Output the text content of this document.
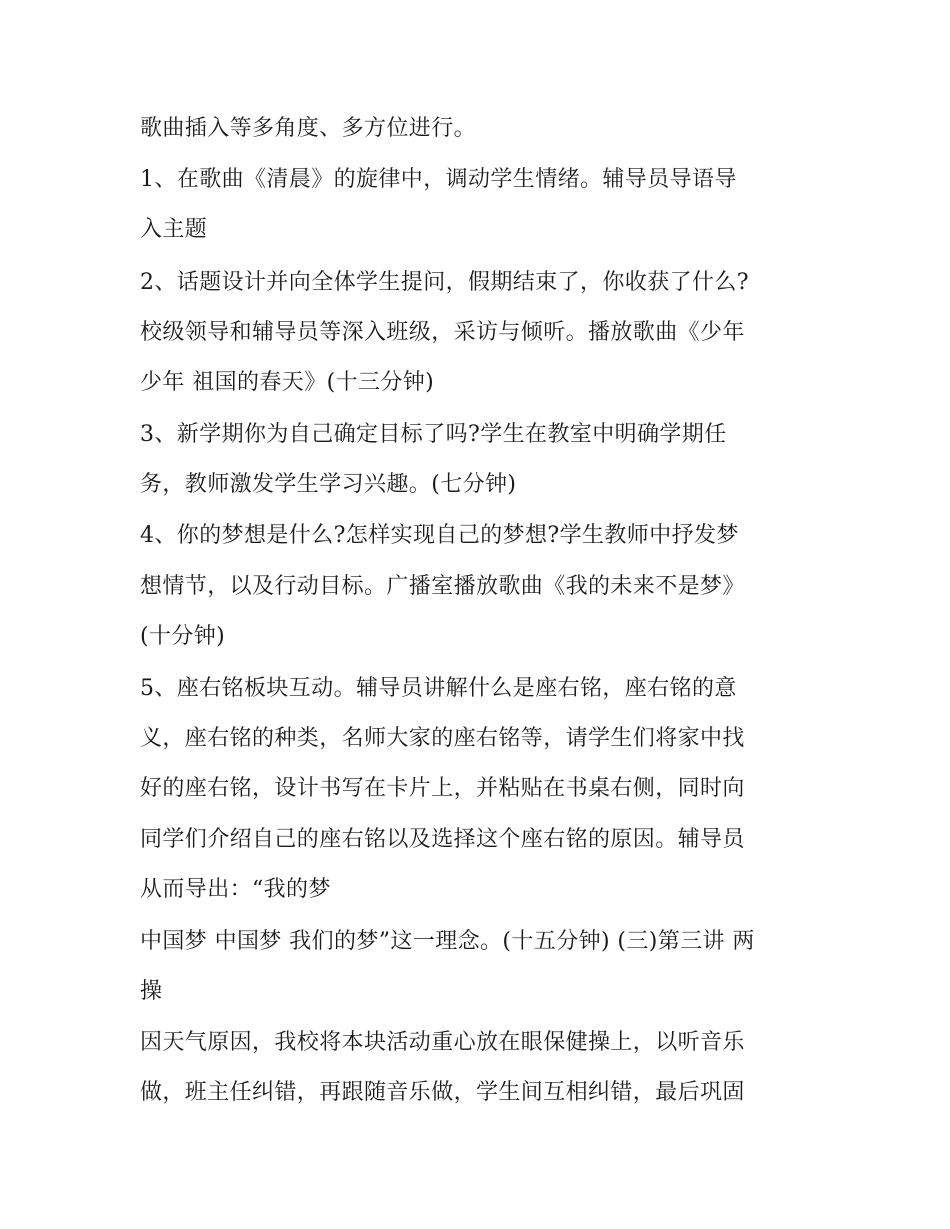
歌曲插入等多角度、多方位进行。
1、在歌曲《清晨》的旋律中，调动学生情绪。辅导员导语导
入主题
2、话题设计并向全体学生提问，假期结束了，你收获了什么?
校级领导和辅导员等深入班级，采访与倾听。播放歌曲《少年
少年 祖国的春天》(十三分钟)
3、新学期你为自己确定目标了吗?学生在教室中明确学期任
务，教师激发学生学习兴趣。(七分钟)
4、你的梦想是什么?怎样实现自己的梦想?学生教师中抒发梦
想情节，以及行动目标。广播室播放歌曲《我的未来不是梦》
(十分钟)
5、座右铭板块互动。辅导员讲解什么是座右铭，座右铭的意
义，座右铭的种类，名师大家的座右铭等，请学生们将家中找
好的座右铭，设计书写在卡片上，并粘贴在书桌右侧，同时向
同学们介绍自己的座右铭以及选择这个座右铭的原因。辅导员
从而导出：“我的梦
中国梦 中国梦 我们的梦”这一理念。(十五分钟) (三)第三讲 两
操
因天气原因，我校将本块活动重心放在眼保健操上，以听音乐
做，班主任纠错，再跟随音乐做，学生间互相纠错，最后巩固
